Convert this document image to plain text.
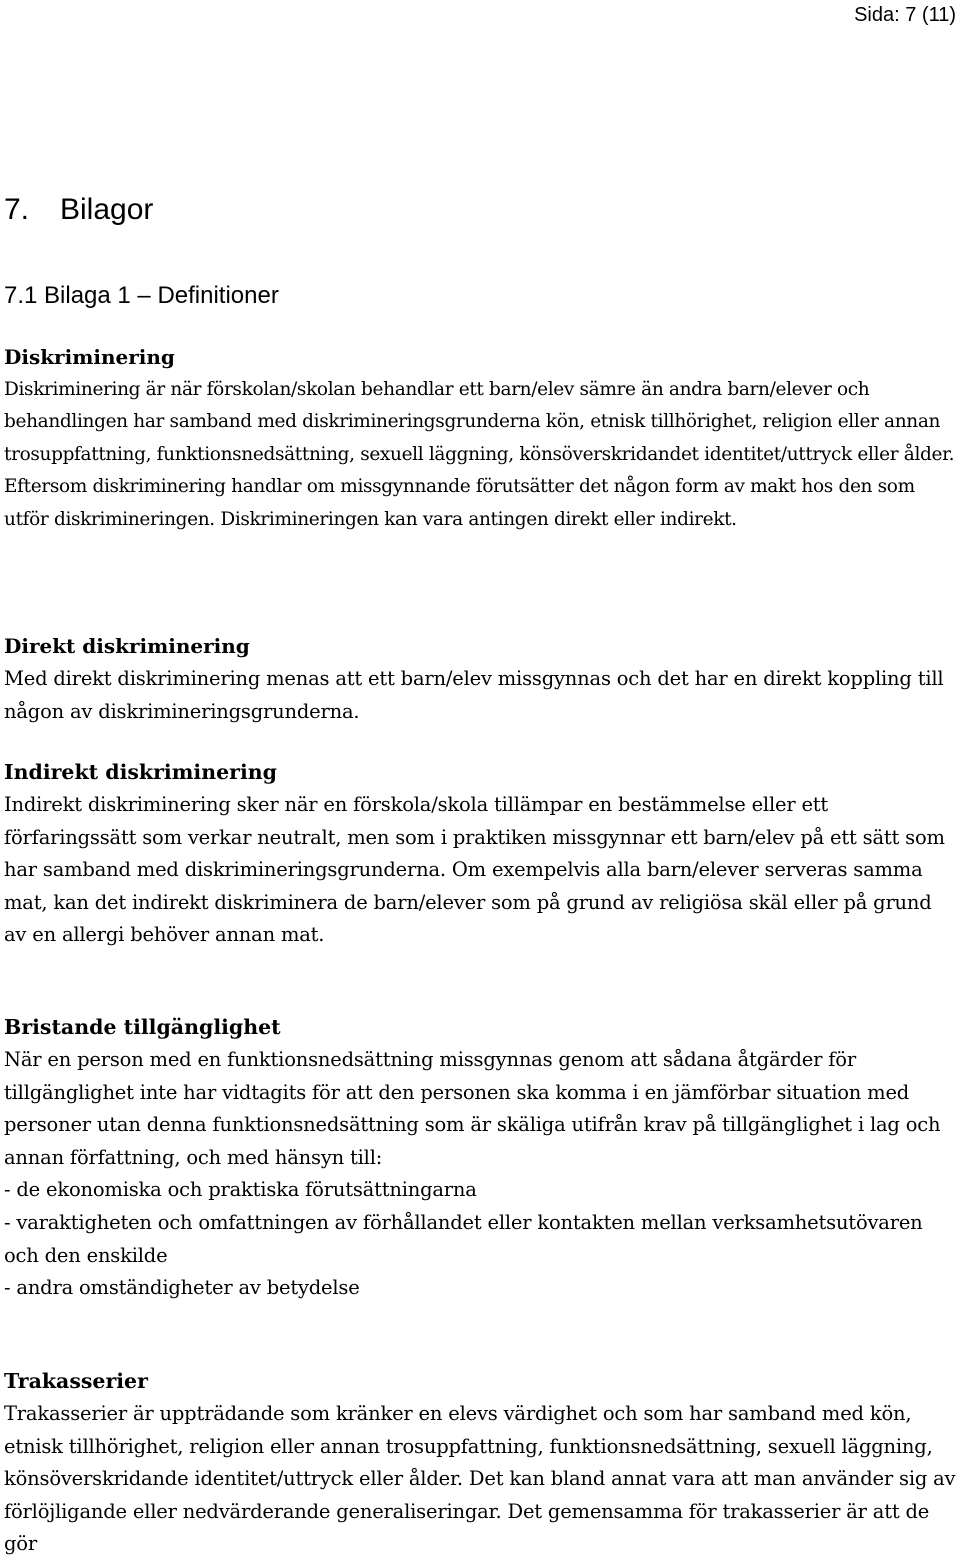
Sida: 7 (11)
7. Bilagor
7.1 Bilaga 1 – Definitioner

Diskriminering

Diskriminering är när förskolan/skolan behandlar ett barn/elev sämre än andra barn/elever och behandlingen har samband med diskrimineringsgrunderna kön, etnisk tillhörighet, religion eller annan trosuppfattning, funktionsnedsättning, sexuell läggning, könsöverskridandet identitet/uttryck eller ålder. Eftersom diskriminering handlar om missgynnande förutsätter det någon form av makt hos den som utför diskrimineringen. Diskrimineringen kan vara antingen direkt eller indirekt.

Direkt diskriminering

Med direkt diskriminering menas att ett barn/elev missgynnas och det har en direkt koppling till någon av diskrimineringsgrunderna.

Indirekt diskriminering

Indirekt diskriminering sker när en förskola/skola tillämpar en bestämmelse eller ett förfaringssätt som verkar neutralt, men som i praktiken missgynnar ett barn/elev på ett sätt som har samband med diskrimineringsgrunderna. Om exempelvis alla barn/elever serveras samma mat, kan det indirekt diskriminera de barn/elever som på grund av religiösa skäl eller på grund av en allergi behöver annan mat.

Bristande tillgänglighet

När en person med en funktionsnedsättning missgynnas genom att sådana åtgärder för tillgänglighet inte har vidtagits för att den personen ska komma i en jämförbar situation med personer utan denna funktionsnedsättning som är skäliga utifrån krav på tillgänglighet i lag och annan författning, och med hänsyn till:

- de ekonomiska och praktiska förutsättningarna
- varaktigheten och omfattningen av förhållandet eller kontakten mellan verksamhetsutövaren och den enskilde
- andra omständigheter av betydelse

Trakasserier

Trakasserier är uppträdande som kränker en elevs värdighet och som har samband med kön, etnisk tillhörighet, religion eller annan trosuppfattning, funktionsnedsättning, sexuell läggning, könsöverskridande identitet/uttryck eller ålder. Det kan bland annat vara att man använder sig av förlöjligande eller nedvärderande generaliseringar. Det gemensamma för trakasserier är att de gör
